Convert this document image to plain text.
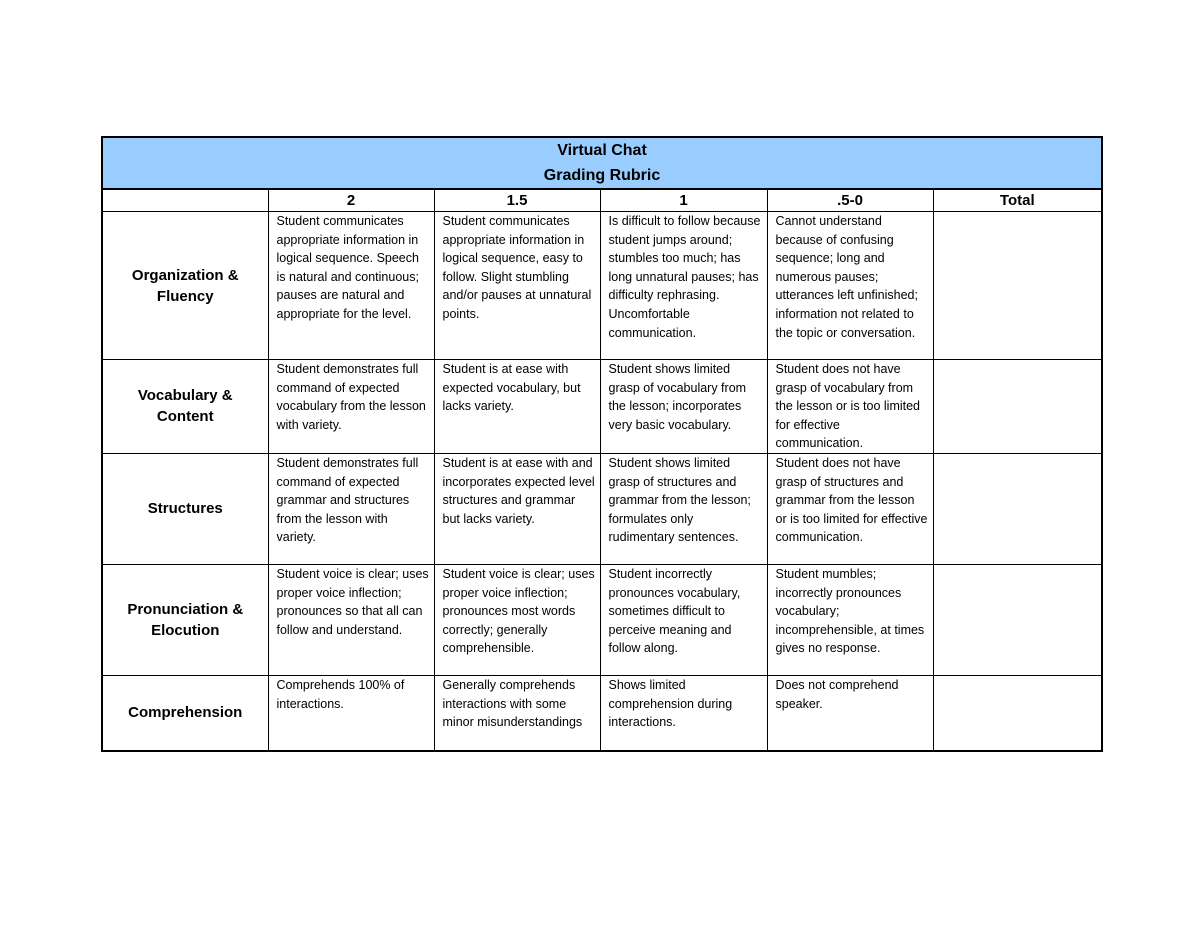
Virtual Chat
Grading Rubric					

	2	1.5	1	.5-0	Total
Organization & Fluency	Student communicates appropriate information in logical sequence. Speech is natural and continuous; pauses are natural and appropriate for the level.	Student communicates appropriate information in logical sequence, easy to follow. Slight stumbling and/or pauses at unnatural points.	Is difficult to follow because student jumps around; stumbles too much; has long unnatural pauses; has difficulty rephrasing. Uncomfortable communication.	Cannot understand because of confusing sequence; long and numerous pauses; utterances left unfinished; information not related to the topic or conversation.	
Vocabulary & Content	Student demonstrates full command of expected vocabulary from the lesson with variety.	Student is at ease with expected vocabulary, but lacks variety.	Student shows limited grasp of vocabulary from the lesson; incorporates very basic vocabulary.	Student does not have grasp of vocabulary from the lesson or is too limited for effective communication.	
Structures	Student demonstrates full command of expected grammar and structures from the lesson with variety.	Student is at ease with and incorporates expected level structures and grammar but lacks variety.	Student shows limited grasp of structures and grammar from the lesson; formulates only rudimentary sentences.	Student does not have grasp of structures and grammar from the lesson or is too limited for effective communication.	
Pronunciation & Elocution	Student voice is clear; uses proper voice inflection; pronounces so that all can follow and understand.	Student voice is clear; uses proper voice inflection; pronounces most words correctly; generally comprehensible.	Student incorrectly pronounces vocabulary, sometimes difficult to perceive meaning and follow along.	Student mumbles; incorrectly pronounces vocabulary; incomprehensible, at times gives no response.	
Comprehension	Comprehends 100% of interactions.	Generally comprehends interactions with some minor misunderstandings	Shows limited comprehension during interactions.	Does not comprehend speaker.	
